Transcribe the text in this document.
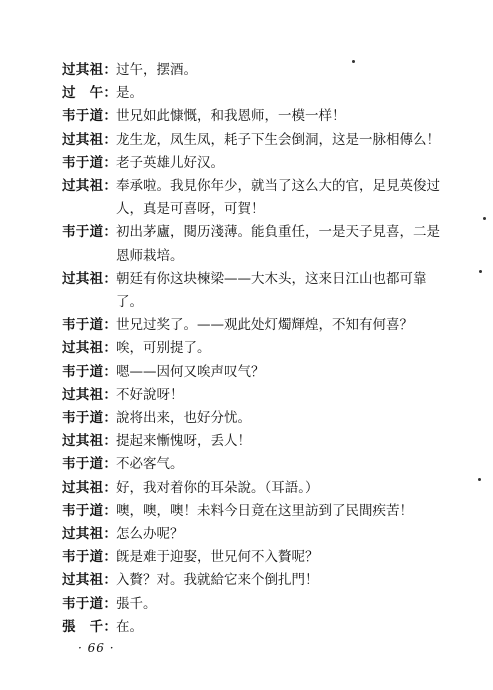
过其祖：过午，摆酒。
过　午：是。
韦于道：世兄如此慷慨，和我恩师，一模一样！
过其祖：龙生龙，凤生凤，耗子下生会倒洞，这是一脉相傳么！
韦于道：老子英雄儿好汉。
过其祖：奉承啦。我見你年少，就当了这么大的官，足見英俊过
人，真是可喜呀，可賀！
韦于道：初出茅廬，閱历淺薄。能負重任，一是天子見喜，二是
恩师栽培。
过其祖：朝廷有你这块楝梁——大木头，这来日江山也都可靠
了。
韦于道：世兄过奖了。——观此处灯燭輝煌，不知有何喜？
过其祖：唉，可别提了。
韦于道：嗯——因何又唉声叹气？
过其祖：不好說呀！
韦于道：說将出来，也好分忧。
过其祖：提起来慚愧呀，丢人！
韦于道：不必客气。
过其祖：好，我对着你的耳朵說。（耳語。）
韦于道：噢，噢，噢！未料今日竟在这里訪到了民間疾苦！
过其祖：怎么办呢？
韦于道：旣是难于迎娶，世兄何不入贅呢？
过其祖：入贅？对。我就給它来个倒扎門！
韦于道：張千。
張　千：在。
· 66 ·
